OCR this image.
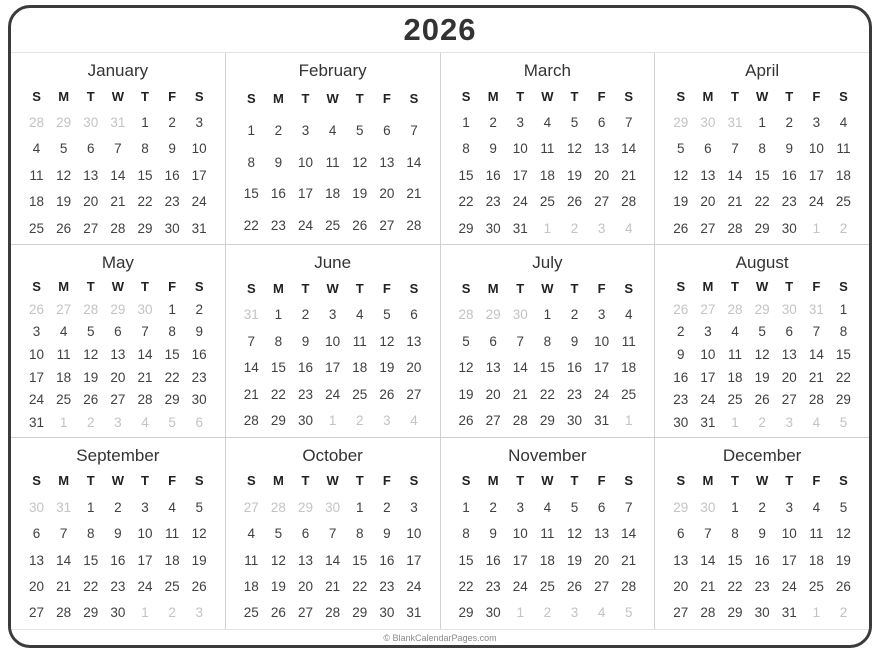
2026
January
S M T W T F S
28 29 30 31 1 2 3
4 5 6 7 8 9 10
11 12 13 14 15 16 17
18 19 20 21 22 23 24
25 26 27 28 29 30 31
February
S M T W T F S
1 2 3 4 5 6 7
8 9 10 11 12 13 14
15 16 17 18 19 20 21
22 23 24 25 26 27 28
March
S M T W T F S
1 2 3 4 5 6 7
8 9 10 11 12 13 14
15 16 17 18 19 20 21
22 23 24 25 26 27 28
29 30 31 1 2 3 4
April
S M T W T F S
29 30 31 1 2 3 4
5 6 7 8 9 10 11
12 13 14 15 16 17 18
19 20 21 22 23 24 25
26 27 28 29 30 1 2
May
S M T W T F S
26 27 28 29 30 1 2
3 4 5 6 7 8 9
10 11 12 13 14 15 16
17 18 19 20 21 22 23
24 25 26 27 28 29 30
31 1 2 3 4 5 6
June
S M T W T F S
31 1 2 3 4 5 6
7 8 9 10 11 12 13
14 15 16 17 18 19 20
21 22 23 24 25 26 27
28 29 30 1 2 3 4
July
S M T W T F S
28 29 30 1 2 3 4
5 6 7 8 9 10 11
12 13 14 15 16 17 18
19 20 21 22 23 24 25
26 27 28 29 30 31 1
August
S M T W T F S
26 27 28 29 30 31 1
2 3 4 5 6 7 8
9 10 11 12 13 14 15
16 17 18 19 20 21 22
23 24 25 26 27 28 29
30 31 1 2 3 4 5
September
S M T W T F S
30 31 1 2 3 4 5
6 7 8 9 10 11 12
13 14 15 16 17 18 19
20 21 22 23 24 25 26
27 28 29 30 1 2 3
October
S M T W T F S
27 28 29 30 1 2 3
4 5 6 7 8 9 10
11 12 13 14 15 16 17
18 19 20 21 22 23 24
25 26 27 28 29 30 31
November
S M T W T F S
1 2 3 4 5 6 7
8 9 10 11 12 13 14
15 16 17 18 19 20 21
22 23 24 25 26 27 28
29 30 1 2 3 4 5
December
S M T W T F S
29 30 1 2 3 4 5
6 7 8 9 10 11 12
13 14 15 16 17 18 19
20 21 22 23 24 25 26
27 28 29 30 31 1 2
© BlankCalendarPages.com
